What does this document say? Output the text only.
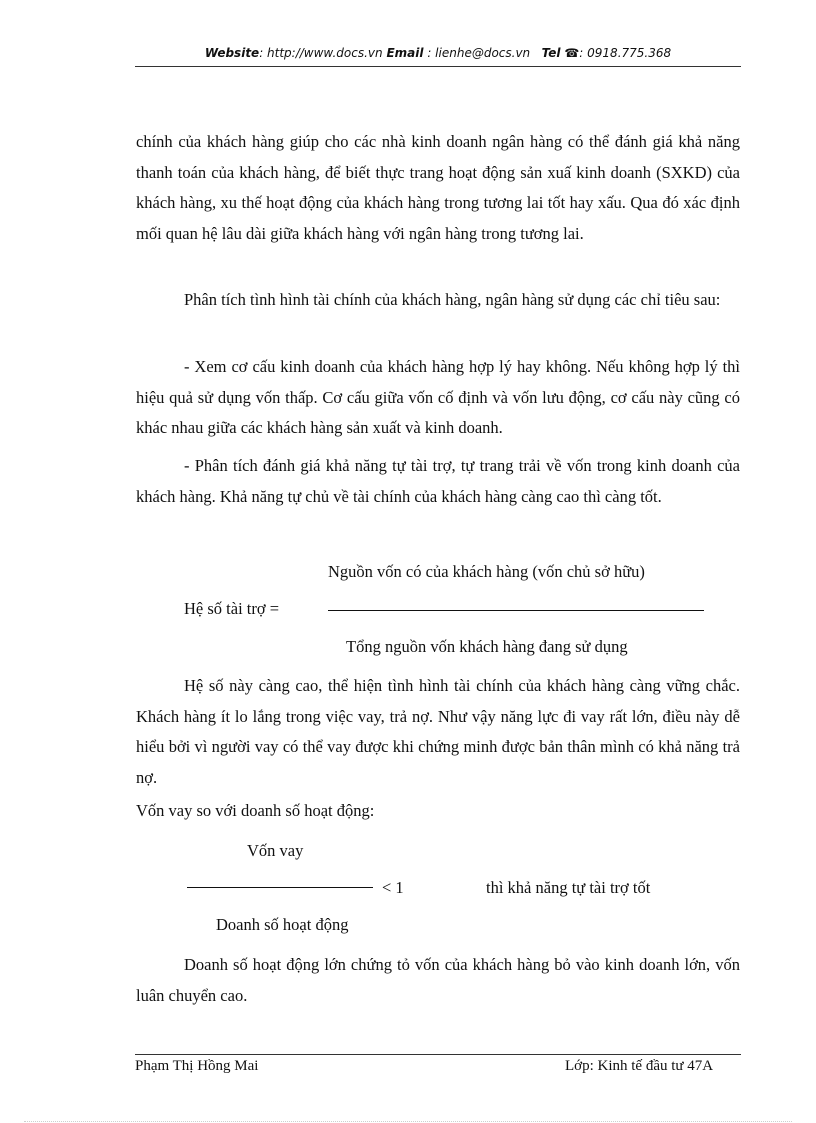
Website: http://www.docs.vn Email : lienhe@docs.vn Tel ☎: 0918.775.368
chính của khách hàng giúp cho các nhà kinh doanh ngân hàng có thể đánh giá khả năng thanh toán của khách hàng, để biết thực trang hoạt động sản xuấ kinh doanh (SXKD) của khách hàng, xu thế hoạt động của khách hàng trong tương lai tốt hay xấu. Qua đó xác định mối quan hệ lâu dài giữa khách hàng với ngân hàng trong tương lai.
Phân tích tình hình tài chính của khách hàng, ngân hàng sử dụng các chỉ tiêu sau:
- Xem cơ cấu kinh doanh của khách hàng hợp lý hay không. Nếu không hợp lý thì hiệu quả sử dụng vốn thấp. Cơ cấu giữa vốn cố định và vốn lưu động, cơ cấu này cũng có khác nhau giữa các khách hàng sản xuất và kinh doanh.
- Phân tích đánh giá khả năng tự tài trợ, tự trang trải về vốn trong kinh doanh của khách hàng. Khả năng tự chủ về tài chính của khách hàng càng cao thì càng tốt.
Nguồn vốn có của khách hàng (vốn chủ sở hữu)
Hệ số tài trợ =
Tổng nguồn vốn khách hàng đang sử dụng
Hệ số này càng cao, thể hiện tình hình tài chính của khách hàng càng vững chắc. Khách hàng ít lo lắng trong việc vay, trả nợ. Như vậy năng lực đi vay rất lớn, điều này dễ hiểu bởi vì người vay có thể vay được khi chứng minh được bản thân mình có khả năng trả nợ.
Vốn vay so với doanh số hoạt động:
Vốn vay
< 1	thì khả năng tự tài trợ tốt
Doanh số hoạt động
Doanh số hoạt động lớn chứng tỏ vốn của khách hàng bỏ vào kinh doanh lớn, vốn luân chuyển cao.
Phạm Thị Hồng Mai	Lớp: Kinh tế đầu tư 47A
